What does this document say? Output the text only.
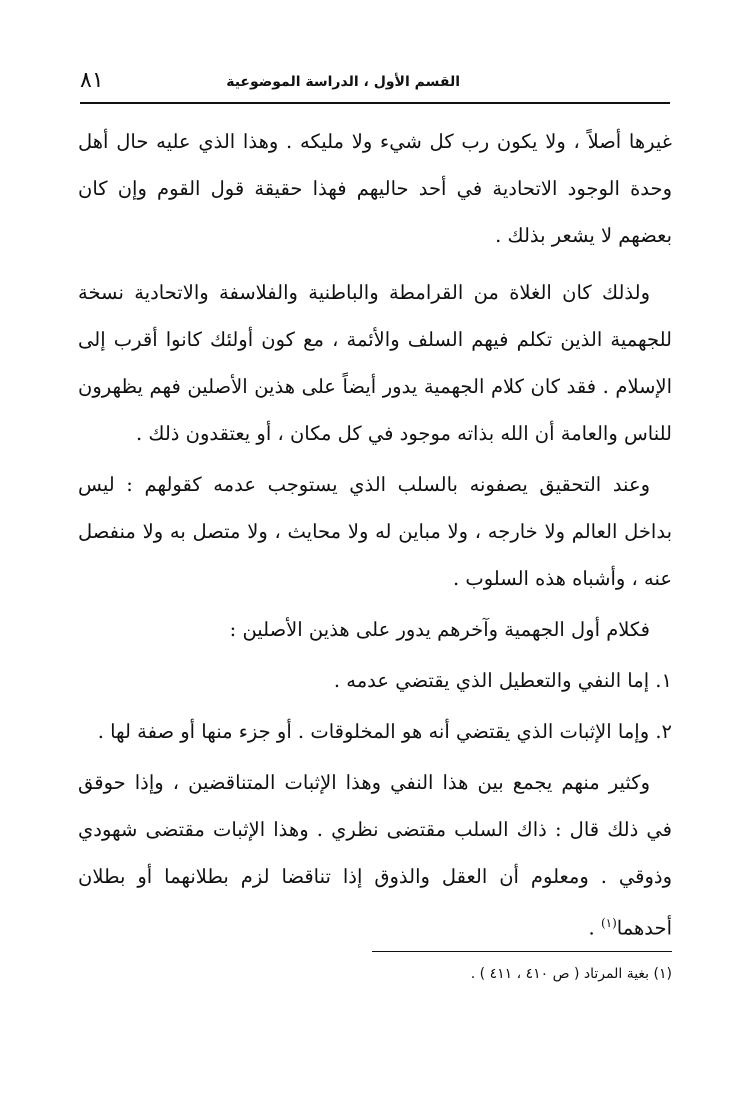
القسم الأول ، الدراسة الموضوعية
٨١

غيرها أصلاً ، ولا يكون رب كل شيء ولا مليكه . وهذا الذي عليه حال أهل وحدة الوجود الاتحادية في أحد حاليهم فهذا حقيقة قول القوم وإن كان بعضهم لا يشعر بذلك .

ولذلك كان الغلاة من القرامطة والباطنية والفلاسفة والاتحادية نسخة للجهمية الذين تكلم فيهم السلف والأئمة ، مع كون أولئك كانوا أقرب إلى الإسلام . فقد كان كلام الجهمية يدور أيضاً على هذين الأصلين فهم يظهرون للناس والعامة أن الله بذاته موجود في كل مكان ، أو يعتقدون ذلك .

وعند التحقيق يصفونه بالسلب الذي يستوجب عدمه كقولهم : ليس بداخل العالم ولا خارجه ، ولا مباين له ولا محايث ، ولا متصل به ولا منفصل عنه ، وأشباه هذه السلوب .

فكلام أول الجهمية وآخرهم يدور على هذين الأصلين :

١. إما النفي والتعطيل الذي يقتضي عدمه .

٢. وإما الإثبات الذي يقتضي أنه هو المخلوقات . أو جزء منها أو صفة لها .

وكثير منهم يجمع بين هذا النفي وهذا الإثبات المتناقضين ، وإذا حوقق في ذلك قال : ذاك السلب مقتضى نظري . وهذا الإثبات مقتضى شهودي وذوقي . ومعلوم أن العقل والذوق إذا تناقضا لزم بطلانهما أو بطلان أحدهما$^{(١)}$ .

(١) بغية المرتاد ( ص ٤١٠ ، ٤١١ ) .
